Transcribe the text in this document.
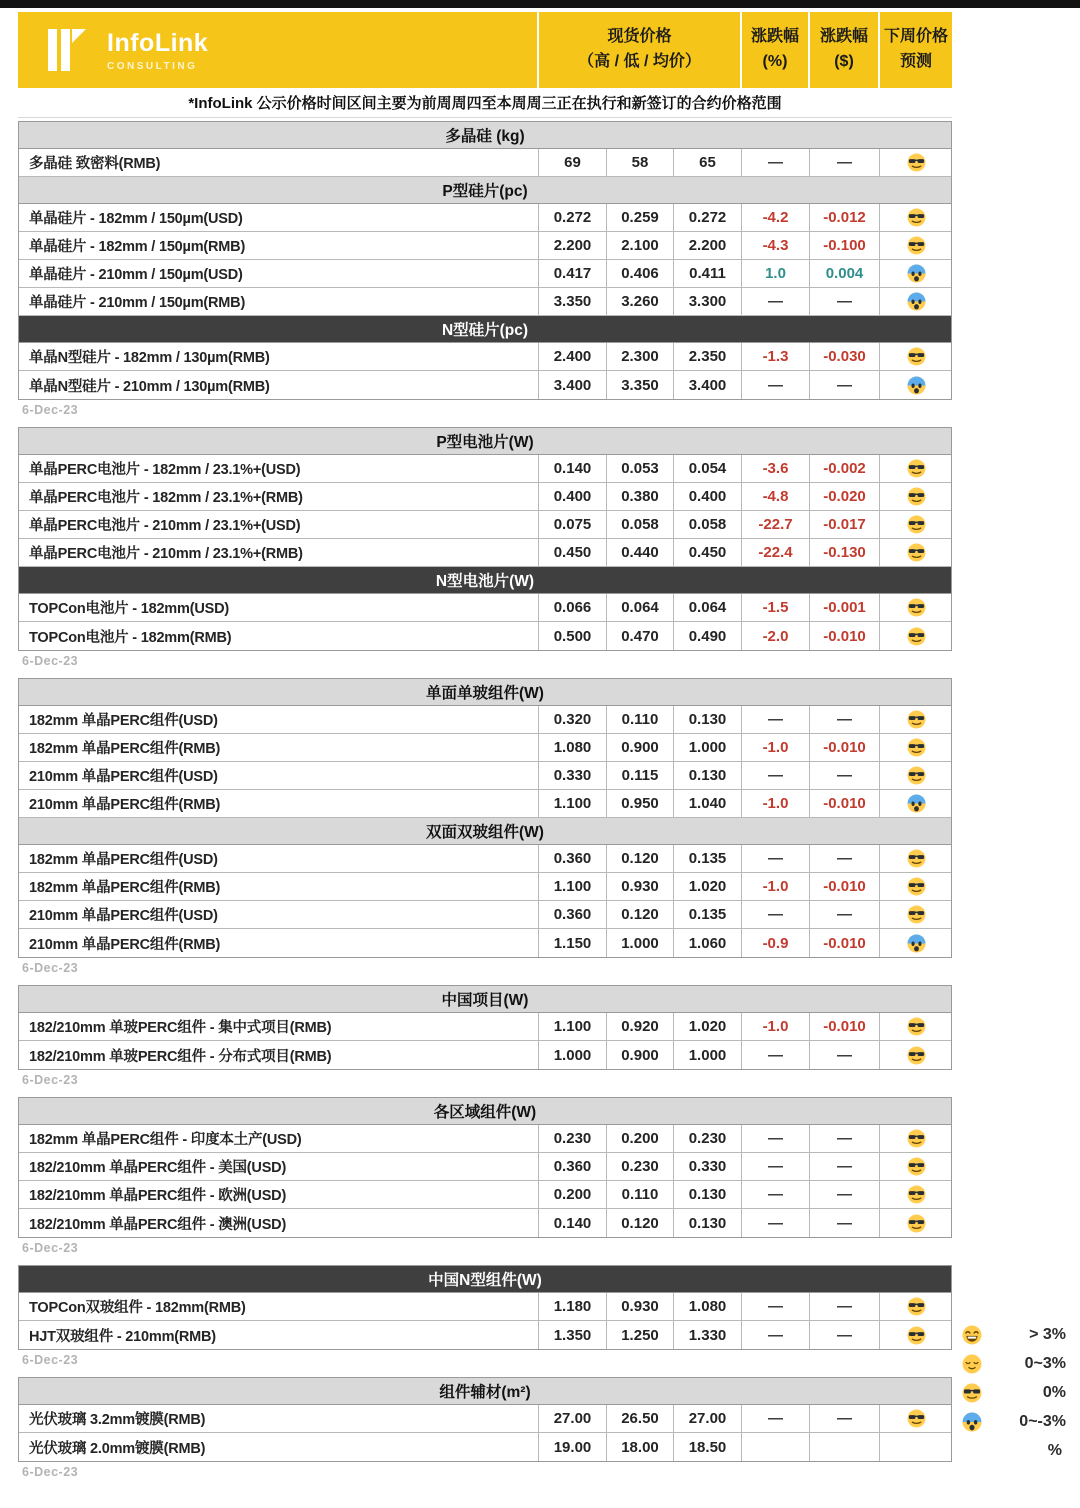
InfoLink
CONSULTING
现货价格
（高 / 低 / 均价）
涨跌幅
(%)
涨跌幅
($)
下周价格
预测
*InfoLink 公示价格时间区间主要为前周周四至本周周三正在执行和新签订的合约价格范围
多晶硅 (kg)
多晶硅 致密料(RMB)	69	58	65	—	—
P型硅片(pc)
单晶硅片 - 182mm / 150µm(USD)	0.272	0.259	0.272	-4.2	-0.012
单晶硅片 - 182mm / 150µm(RMB)	2.200	2.100	2.200	-4.3	-0.100
单晶硅片 - 210mm / 150µm(USD)	0.417	0.406	0.411	1.0	0.004
单晶硅片 - 210mm / 150µm(RMB)	3.350	3.260	3.300	—	—
N型硅片(pc)
单晶N型硅片 - 182mm / 130µm(RMB)	2.400	2.300	2.350	-1.3	-0.030
单晶N型硅片 - 210mm / 130µm(RMB)	3.400	3.350	3.400	—	—
6-Dec-23
P型电池片(W)
单晶PERC电池片 - 182mm / 23.1%+(USD)	0.140	0.053	0.054	-3.6	-0.002
单晶PERC电池片 - 182mm / 23.1%+(RMB)	0.400	0.380	0.400	-4.8	-0.020
单晶PERC电池片 - 210mm / 23.1%+(USD)	0.075	0.058	0.058	-22.7	-0.017
单晶PERC电池片 - 210mm / 23.1%+(RMB)	0.450	0.440	0.450	-22.4	-0.130
N型电池片(W)
TOPCon电池片 - 182mm(USD)	0.066	0.064	0.064	-1.5	-0.001
TOPCon电池片 - 182mm(RMB)	0.500	0.470	0.490	-2.0	-0.010
6-Dec-23
单面单玻组件(W)
182mm 单晶PERC组件(USD)	0.320	0.110	0.130	—	—
182mm 单晶PERC组件(RMB)	1.080	0.900	1.000	-1.0	-0.010
210mm 单晶PERC组件(USD)	0.330	0.115	0.130	—	—
210mm 单晶PERC组件(RMB)	1.100	0.950	1.040	-1.0	-0.010
双面双玻组件(W)
182mm 单晶PERC组件(USD)	0.360	0.120	0.135	—	—
182mm 单晶PERC组件(RMB)	1.100	0.930	1.020	-1.0	-0.010
210mm 单晶PERC组件(USD)	0.360	0.120	0.135	—	—
210mm 单晶PERC组件(RMB)	1.150	1.000	1.060	-0.9	-0.010
6-Dec-23
中国项目(W)
182/210mm 单玻PERC组件 - 集中式项目(RMB)	1.100	0.920	1.020	-1.0	-0.010
182/210mm 单玻PERC组件 - 分布式项目(RMB)	1.000	0.900	1.000	—	—
6-Dec-23
各区域组件(W)
182mm 单晶PERC组件 - 印度本土产(USD)	0.230	0.200	0.230	—	—
182/210mm 单晶PERC组件 - 美国(USD)	0.360	0.230	0.330	—	—
182/210mm 单晶PERC组件 - 欧洲(USD)	0.200	0.110	0.130	—	—
182/210mm 单晶PERC组件 - 澳洲(USD)	0.140	0.120	0.130	—	—
6-Dec-23
中国N型组件(W)
TOPCon双玻组件 - 182mm(RMB)	1.180	0.930	1.080	—	—
HJT双玻组件 - 210mm(RMB)	1.350	1.250	1.330	—	—
6-Dec-23
组件辅材(m²)
光伏玻璃 3.2mm镀膜(RMB)	27.00	26.50	27.00	—	—
光伏玻璃 2.0mm镀膜(RMB)	19.00	18.00	18.50
6-Dec-23
> 3%
0~3%
0%
0~-3%
%
